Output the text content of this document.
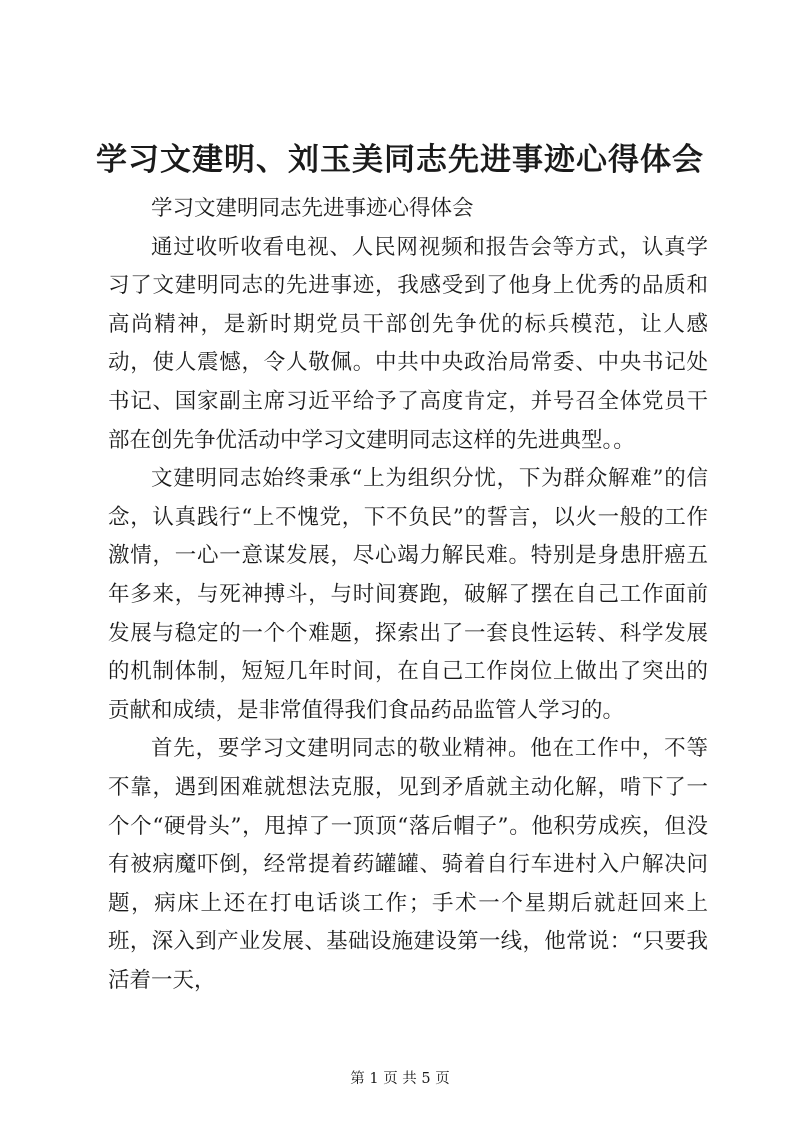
学习文建明、刘玉美同志先进事迹心得体会

学习文建明同志先进事迹心得体会

通过收听收看电视、人民网视频和报告会等方式，认真学习了文建明同志的先进事迹，我感受到了他身上优秀的品质和高尚精神，是新时期党员干部创先争优的标兵模范，让人感动，使人震憾，令人敬佩。中共中央政治局常委、中央书记处书记、国家副主席习近平给予了高度肯定，并号召全体党员干部在创先争优活动中学习文建明同志这样的先进典型。。

文建明同志始终秉承“上为组织分忧，下为群众解难”的信念，认真践行“上不愧党，下不负民”的誓言，以火一般的工作激情，一心一意谋发展，尽心竭力解民难。特别是身患肝癌五年多来，与死神搏斗，与时间赛跑，破解了摆在自己工作面前发展与稳定的一个个难题，探索出了一套良性运转、科学发展的机制体制，短短几年时间，在自己工作岗位上做出了突出的贡献和成绩，是非常值得我们食品药品监管人学习的。

首先，要学习文建明同志的敬业精神。他在工作中，不等不靠，遇到困难就想法克服，见到矛盾就主动化解，啃下了一个个“硬骨头”，甩掉了一顶顶“落后帽子”。他积劳成疾，但没有被病魔吓倒，经常提着药罐罐、骑着自行车进村入户解决问题，病床上还在打电话谈工作；手术一个星期后就赶回来上班，深入到产业发展、基础设施建设第一线，他常说：“只要我活着一天，

第 1 页 共 5 页
